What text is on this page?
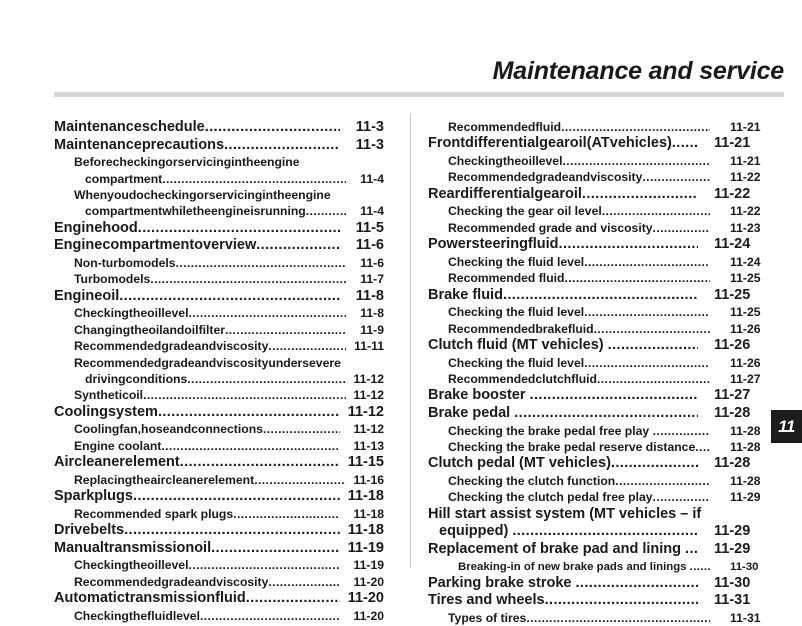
Maintenance and service
11
Maintenanceschedule .....	11-3
Maintenanceprecautions .....	11-3
Beforecheckingorservicingintheengine
compartment .....	11-4
Whenyoudocheckingorservicingintheengine
compartmentwhiletheengineisrunning .....	11-4
Enginehood .....	11-5
Enginecompartmentoverview .....	11-6
Non-turbomodels .....	11-6
Turbomodels .....	11-7
Engineoil .....	11-8
Checkingtheoillevel .....	11-8
Changingtheoilandoilfilter .....	11-9
Recommendedgradeandviscosity .....	11-11
Recommendedgradeandviscosityundersevere
drivingconditions .....	11-12
Syntheticoil .....	11-12
Coolingsystem .....	11-12
Coolingfan,hoseandconnections .....	11-12
Engine coolant .....	11-13
Aircleanerelement .....	11-15
Replacingtheaircleanerelement .....	11-16
Sparkplugs .....	11-18
Recommended spark plugs .....	11-18
Drivebelts .....	11-18
Manualtransmissionoil .....	11-19
Checkingtheoillevel .....	11-19
Recommendedgradeandviscosity .....	11-20
Automatictransmissionfluid .....	11-20
Checkingthefluidlevel .....	11-20
Recommendedfluid .....	11-21
Frontdifferentialgearoil(ATvehicles) .....	11-21
Checkingtheoillevel .....	11-21
Recommendedgradeandviscosity .....	11-22
Reardifferentialgearoil .....	11-22
Checking the gear oil level .....	11-22
Recommended grade and viscosity .....	11-23
Powersteeringfluid .....	11-24
Checking the fluid level .....	11-24
Recommended fluid .....	11-25
Brake fluid .....	11-25
Checking the fluid level .....	11-25
Recommendedbrakefluid .....	11-26
Clutch fluid (MT vehicles) .....	11-26
Checking the fluid level .....	11-26
Recommendedclutchfluid .....	11-27
Brake booster .....	11-27
Brake pedal .....	11-28
Checking the brake pedal free play .....	11-28
Checking the brake pedal reserve distance .....	11-28
Clutch pedal (MT vehicles) .....	11-28
Checking the clutch function .....	11-28
Checking the clutch pedal free play .....	11-29
Hill start assist system (MT vehicles – if
equipped) .....	11-29
Replacement of brake pad and lining .....	11-29
Breaking-in of new brake pads and linings .....	11-30
Parking brake stroke .....	11-30
Tires and wheels .....	11-31
Types of tires .....	11-31
